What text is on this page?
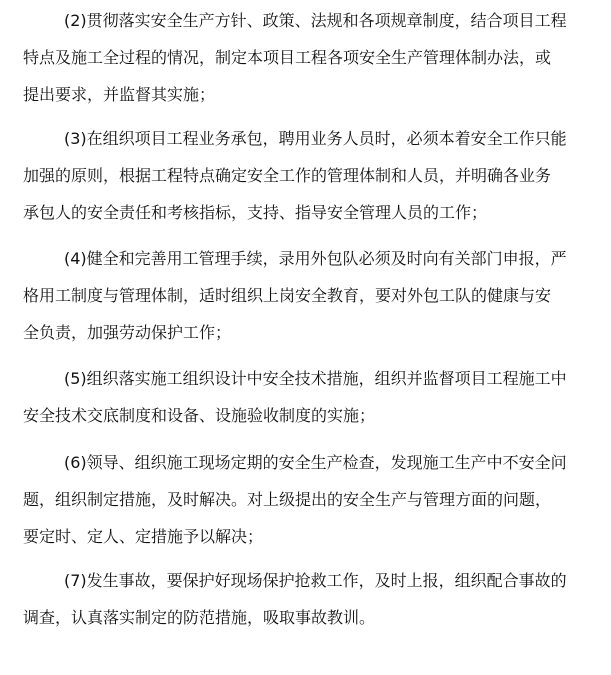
(2)贯彻落实安全生产方针、政策、法规和各项规章制度，结合项目工程
特点及施工全过程的情况，制定本项目工程各项安全生产管理体制办法，或
提出要求，并监督其实施；
(3)在组织项目工程业务承包，聘用业务人员时，必须本着安全工作只能
加强的原则，根据工程特点确定安全工作的管理体制和人员，并明确各业务
承包人的安全责任和考核指标，支持、指导安全管理人员的工作；
(4)健全和完善用工管理手续，录用外包队必须及时向有关部门申报，严
格用工制度与管理体制，适时组织上岗安全教育，要对外包工队的健康与安
全负责，加强劳动保护工作；
(5)组织落实施工组织设计中安全技术措施，组织并监督项目工程施工中
安全技术交底制度和设备、设施验收制度的实施；
(6)领导、组织施工现场定期的安全生产检查，发现施工生产中不安全问
题，组织制定措施，及时解决。对上级提出的安全生产与管理方面的问题，
要定时、定人、定措施予以解决；
(7)发生事故，要保护好现场保护抢救工作，及时上报，组织配合事故的
调查，认真落实制定的防范措施，吸取事故教训。
